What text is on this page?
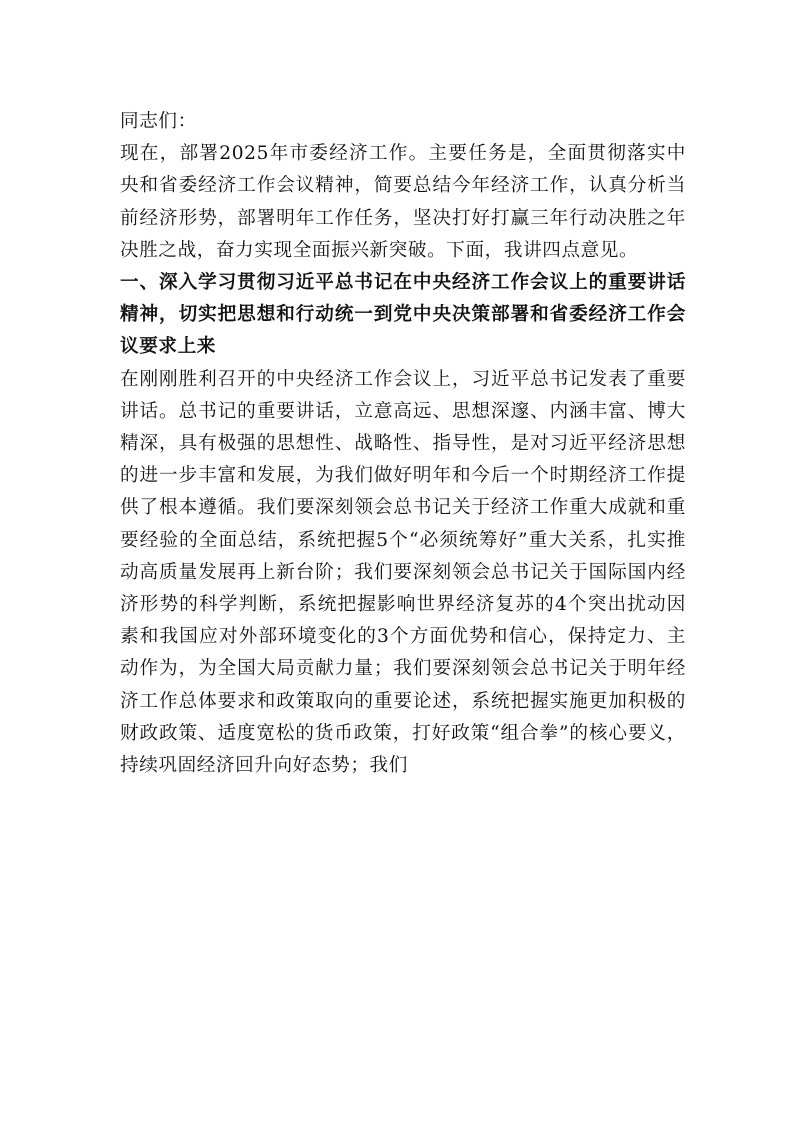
同志们：

现在，部署2025年市委经济工作。主要任务是，全面贯彻落实中央和省委经济工作会议精神，简要总结今年经济工作，认真分析当前经济形势，部署明年工作任务，坚决打好打赢三年行动决胜之年决胜之战，奋力实现全面振兴新突破。下面，我讲四点意见。

一、深入学习贯彻习近平总书记在中央经济工作会议上的重要讲话精神，切实把思想和行动统一到党中央决策部署和省委经济工作会议要求上来

在刚刚胜利召开的中央经济工作会议上，习近平总书记发表了重要讲话。总书记的重要讲话，立意高远、思想深邃、内涵丰富、博大精深，具有极强的思想性、战略性、指导性，是对习近平经济思想的进一步丰富和发展，为我们做好明年和今后一个时期经济工作提供了根本遵循。我们要深刻领会总书记关于经济工作重大成就和重要经验的全面总结，系统把握5个“必须统筹好”重大关系，扎实推动高质量发展再上新台阶；我们要深刻领会总书记关于国际国内经济形势的科学判断，系统把握影响世界经济复苏的4个突出扰动因素和我国应对外部环境变化的3个方面优势和信心，保持定力、主动作为，为全国大局贡献力量；我们要深刻领会总书记关于明年经济工作总体要求和政策取向的重要论述，系统把握实施更加积极的财政政策、适度宽松的货币政策，打好政策“组合拳”的核心要义，持续巩固经济回升向好态势；我们
